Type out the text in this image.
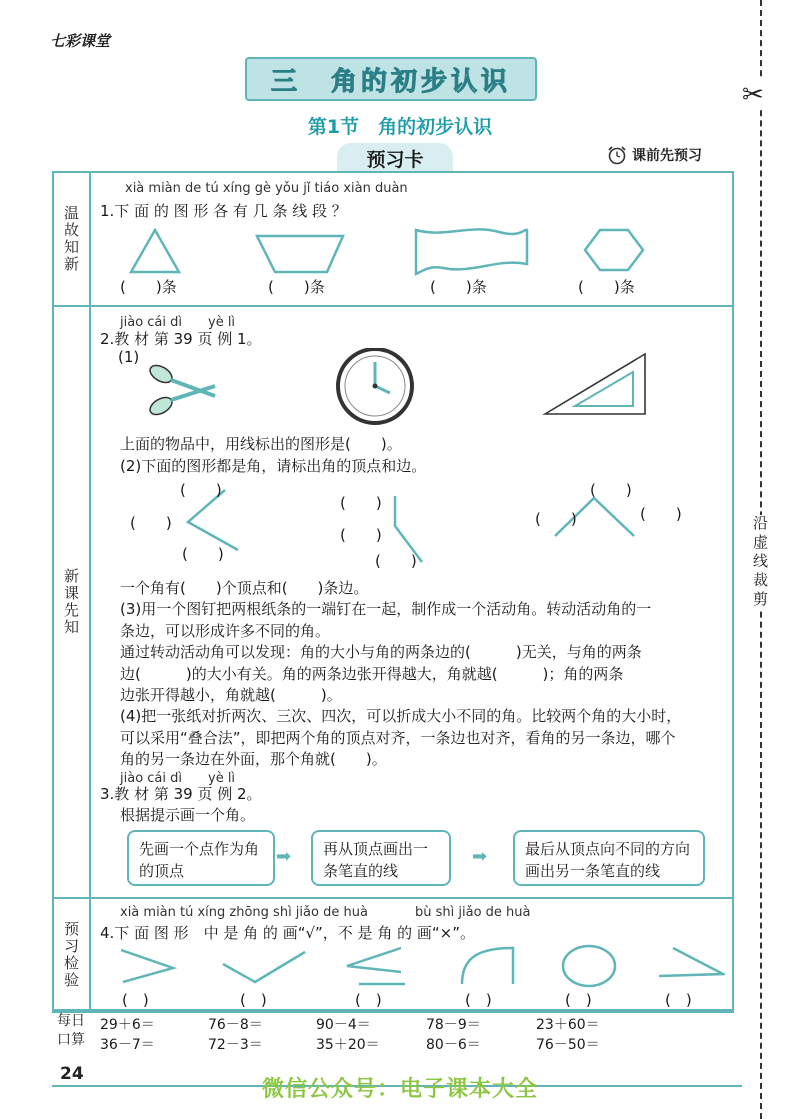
七彩课堂
三　角的初步认识
第1节　角的初步认识
预习卡	课前先预习
✂
沿虚线裁剪
温故知新
新课先知
预习检验
每日口算
xià miàn de tú xíng gè yǒu jǐ tiáo xiàn duàn
1.下 面 的 图 形 各 有 几 条 线 段 ？
(　　)条	(　　)条	(　　)条	(　　)条
jiào cái dì　　yè lì
2.教 材 第 39 页 例 1。
(1)
上面的物品中，用线标出的图形是(　　)。
(2)下面的图形都是角，请标出角的顶点和边。
(　　)
(　　)
(　　)
(　　)
(　　)
(　　)
(　　)
(　　)	(　　)
一个角有(　　)个顶点和(　　)条边。
(3)用一个图钉把两根纸条的一端钉在一起，制作成一个活动角。转动活动角的一
条边，可以形成许多不同的角。
通过转动活动角可以发现：角的大小与角的两条边的(　　　)无关，与角的两条
边(　　　)的大小有关。角的两条边张开得越大，角就越(　　　)；角的两条
边张开得越小，角就越(　　　)。
(4)把一张纸对折两次、三次、四次，可以折成大小不同的角。比较两个角的大小时，
可以采用“叠合法”，即把两个角的顶点对齐，一条边也对齐，看角的另一条边，哪个
角的另一条边在外面，那个角就(　　)。
jiào cái dì　　yè lì
3.教 材 第 39 页 例 2。
根据提示画一个角。
先画一个点作为角的顶点
➡	再从顶点画出一条笔直的线
➡	最后从顶点向不同的方向画出另一条笔直的线
xià miàn tú xíng zhōng shì jiǎo de huà	bù shì jiǎo de huà
4.下 面 图 形　中 是 角 的 画“√”，不 是 角 的 画“×”。
(　)	(　)	(　)	(　)	(　)	(　)
29＋6＝	76－8＝	90－4＝	78－9＝	23＋60＝
36－7＝	72－3＝	35＋20＝	80－6＝	76－50＝
24
微信公众号：电子课本大全
